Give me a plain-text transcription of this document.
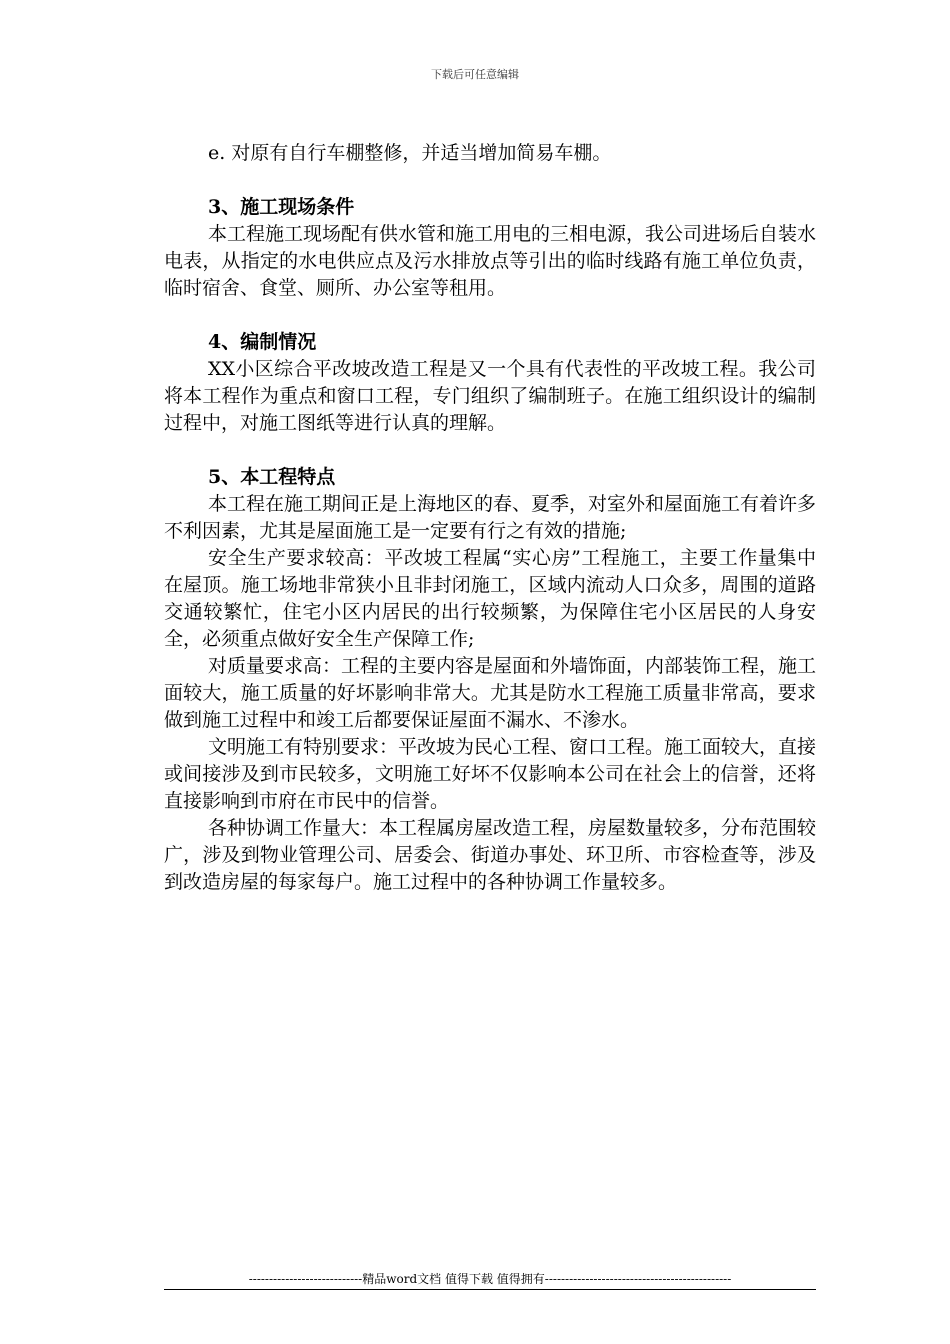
下载后可任意编辑

e. 对原有自行车棚整修，并适当增加简易车棚。

3、施工现场条件

本工程施工现场配有供水管和施工用电的三相电源，我公司进场后自装水电表，从指定的水电供应点及污水排放点等引出的临时线路有施工单位负责，临时宿舍、食堂、厕所、办公室等租用。

4、编制情况

XX小区综合平改坡改造工程是又一个具有代表性的平改坡工程。我公司将本工程作为重点和窗口工程，专门组织了编制班子。在施工组织设计的编制过程中，对施工图纸等进行认真的理解。

5、本工程特点

本工程在施工期间正是上海地区的春、夏季，对室外和屋面施工有着许多不利因素，尤其是屋面施工是一定要有行之有效的措施;

安全生产要求较高：平改坡工程属“实心房”工程施工，主要工作量集中在屋顶。施工场地非常狭小且非封闭施工，区域内流动人口众多，周围的道路交通较繁忙，住宅小区内居民的出行较频繁，为保障住宅小区居民的人身安全，必须重点做好安全生产保障工作;

对质量要求高：工程的主要内容是屋面和外墙饰面，内部装饰工程，施工面较大，施工质量的好坏影响非常大。尤其是防水工程施工质量非常高，要求做到施工过程中和竣工后都要保证屋面不漏水、不渗水。

文明施工有特别要求：平改坡为民心工程、窗口工程。施工面较大，直接或间接涉及到市民较多，文明施工好坏不仅影响本公司在社会上的信誉，还将直接影响到市府在市民中的信誉。

各种协调工作量大：本工程属房屋改造工程，房屋数量较多，分布范围较广，涉及到物业管理公司、居委会、街道办事处、环卫所、市容检查等，涉及到改造房屋的每家每户。施工过程中的各种协调工作量较多。

----------------------------精品word文档 值得下载 值得拥有----------------------------------------------
